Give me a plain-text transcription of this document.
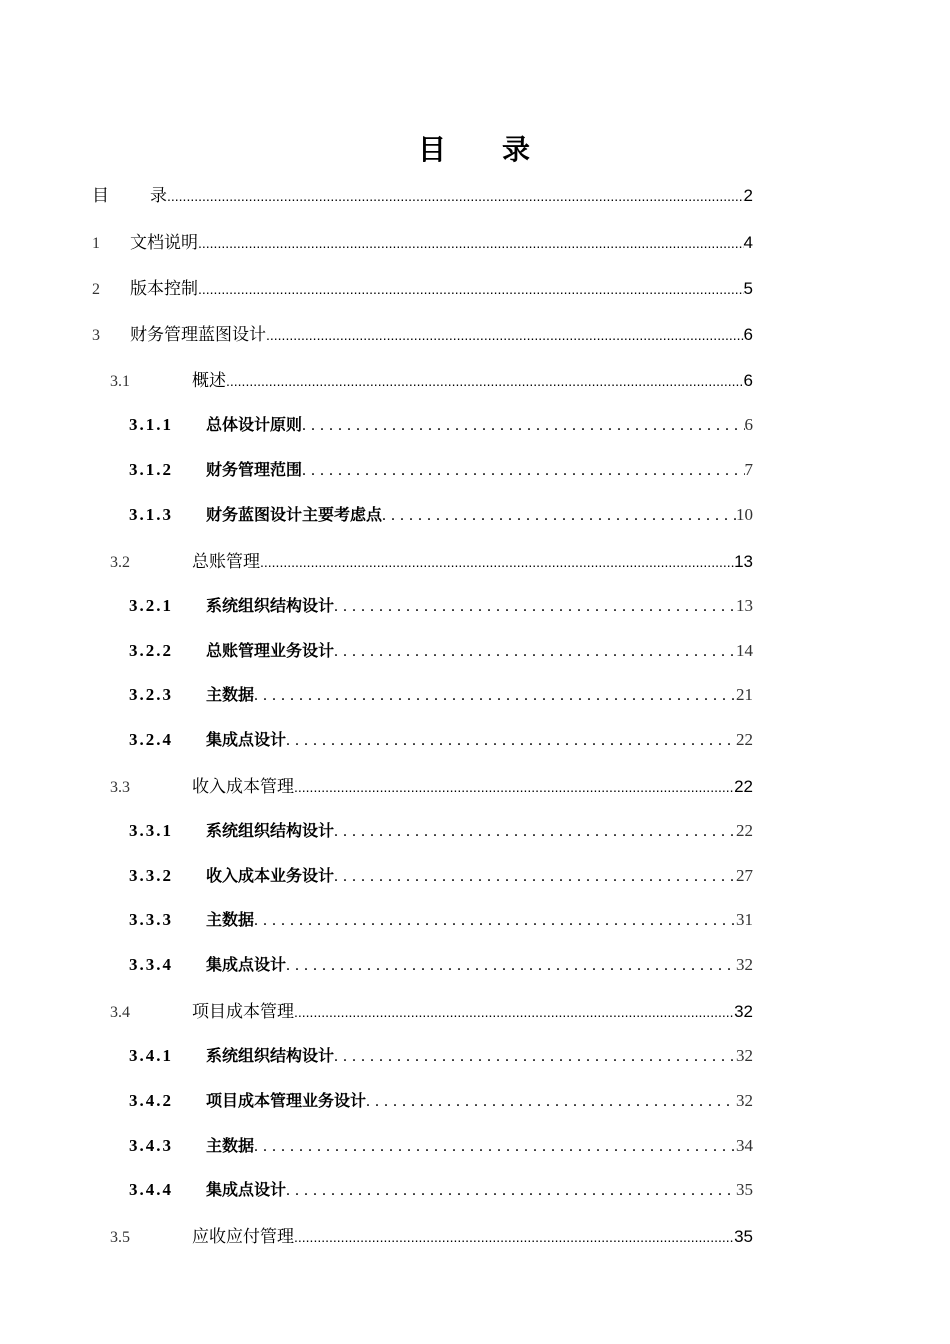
目 录
目	录 .....	2
1	文档说明 .....	4
2	版本控制 .....	5
3	财务管理蓝图设计 .....	6
3.1	概述 .....	6
3.1.1	总体设计原则 .....	6
3.1.2	财务管理范围 .....	7
3.1.3	财务蓝图设计主要考虑点 .....	10
3.2	总账管理 .....	13
3.2.1	系统组织结构设计 .....	13
3.2.2	总账管理业务设计 .....	14
3.2.3	主数据 .....	21
3.2.4	集成点设计 .....	22
3.3	收入成本管理 .....	22
3.3.1	系统组织结构设计 .....	22
3.3.2	收入成本业务设计 .....	27
3.3.3	主数据 .....	31
3.3.4	集成点设计 .....	32
3.4	项目成本管理 .....	32
3.4.1	系统组织结构设计 .....	32
3.4.2	项目成本管理业务设计 .....	32
3.4.3	主数据 .....	34
3.4.4	集成点设计 .....	35
3.5	应收应付管理 .....	35
